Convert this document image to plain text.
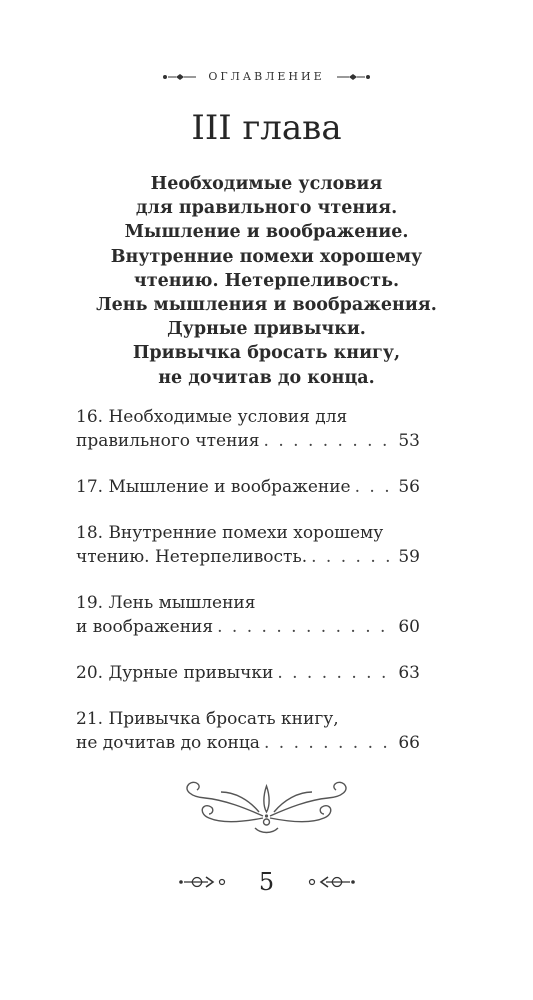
ОГЛАВЛЕНИЕ
III глава
Необходимые условия
для правильного чтения.
Мышление и воображение.
Внутренние помехи хорошему
чтению. Нетерпеливость.
Лень мышления и воображения.
Дурные привычки.
Привычка бросать книгу,
не дочитав до конца.
16. Необходимые условия для
правильного чтения . . .	53
17. Мышление и воображение . . .	56
18. Внутренние помехи хорошему
чтению. Нетерпеливость. . . .	59
19. Лень мышления
и воображения . . .	60
20. Дурные привычки . . .	63
21. Привычка бросать книгу,
не дочитав до конца . . .	66
5
